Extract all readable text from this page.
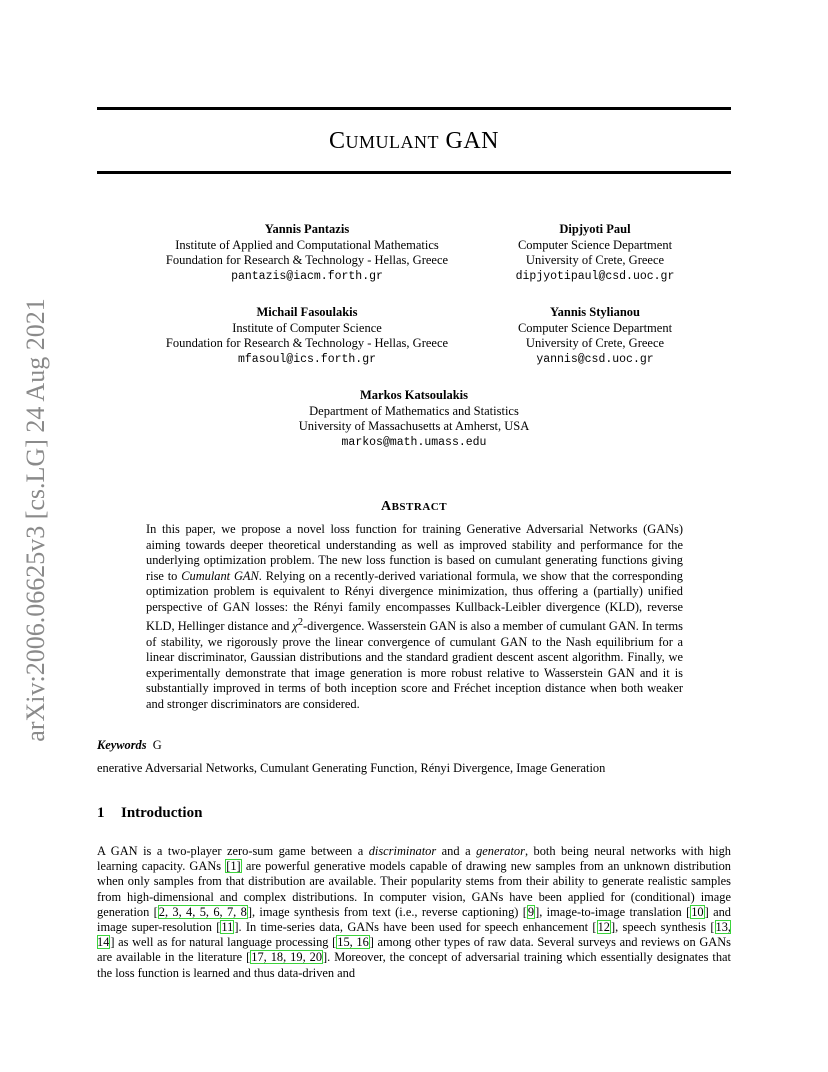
CUMULANT GAN
arXiv:2006.06625v3 [cs.LG] 24 Aug 2021
Yannis Pantazis
Institute of Applied and Computational Mathematics
Foundation for Research & Technology - Hellas, Greece
pantazis@iacm.forth.gr
Dipjyoti Paul
Computer Science Department
University of Crete, Greece
dipjyotipaul@csd.uoc.gr
Michail Fasoulakis
Institute of Computer Science
Foundation for Research & Technology - Hellas, Greece
mfasoul@ics.forth.gr
Yannis Stylianou
Computer Science Department
University of Crete, Greece
yannis@csd.uoc.gr
Markos Katsoulakis
Department of Mathematics and Statistics
University of Massachusetts at Amherst, USA
markos@math.umass.edu
ABSTRACT
In this paper, we propose a novel loss function for training Generative Adversarial Networks (GANs) aiming towards deeper theoretical understanding as well as improved stability and performance for the underlying optimization problem. The new loss function is based on cumulant generating functions giving rise to Cumulant GAN. Relying on a recently-derived variational formula, we show that the corresponding optimization problem is equivalent to Rényi divergence minimization, thus offering a (partially) unified perspective of GAN losses: the Rényi family encompasses Kullback-Leibler divergence (KLD), reverse KLD, Hellinger distance and $\chi^2$-divergence. Wasserstein GAN is also a member of cumulant GAN. In terms of stability, we rigorously prove the linear convergence of cumulant GAN to the Nash equilibrium for a linear discriminator, Gaussian distributions and the standard gradient descent ascent algorithm. Finally, we experimentally demonstrate that image generation is more robust relative to Wasserstein GAN and it is substantially improved in terms of both inception score and Fréchet inception distance when both weaker and stronger discriminators are considered.
Keywords G
enerative Adversarial Networks, Cumulant Generating Function, Rényi Divergence, Image Generation
1 Introduction
A GAN is a two-player zero-sum game between a discriminator and a generator, both being neural networks with high learning capacity. GANs [1] are powerful generative models capable of drawing new samples from an unknown distribution when only samples from that distribution are available. Their popularity stems from their ability to generate realistic samples from high-dimensional and complex distributions. In computer vision, GANs have been applied for (conditional) image generation [2, 3, 4, 5, 6, 7, 8], image synthesis from text (i.e., reverse captioning) [9], image-to-image translation [10] and image super-resolution [11]. In time-series data, GANs have been used for speech enhancement [12], speech synthesis [13, 14] as well as for natural language processing [15, 16] among other types of raw data. Several surveys and reviews on GANs are available in the literature [17, 18, 19, 20]. Moreover, the concept of adversarial training which essentially designates that the loss function is learned and thus data-driven and
